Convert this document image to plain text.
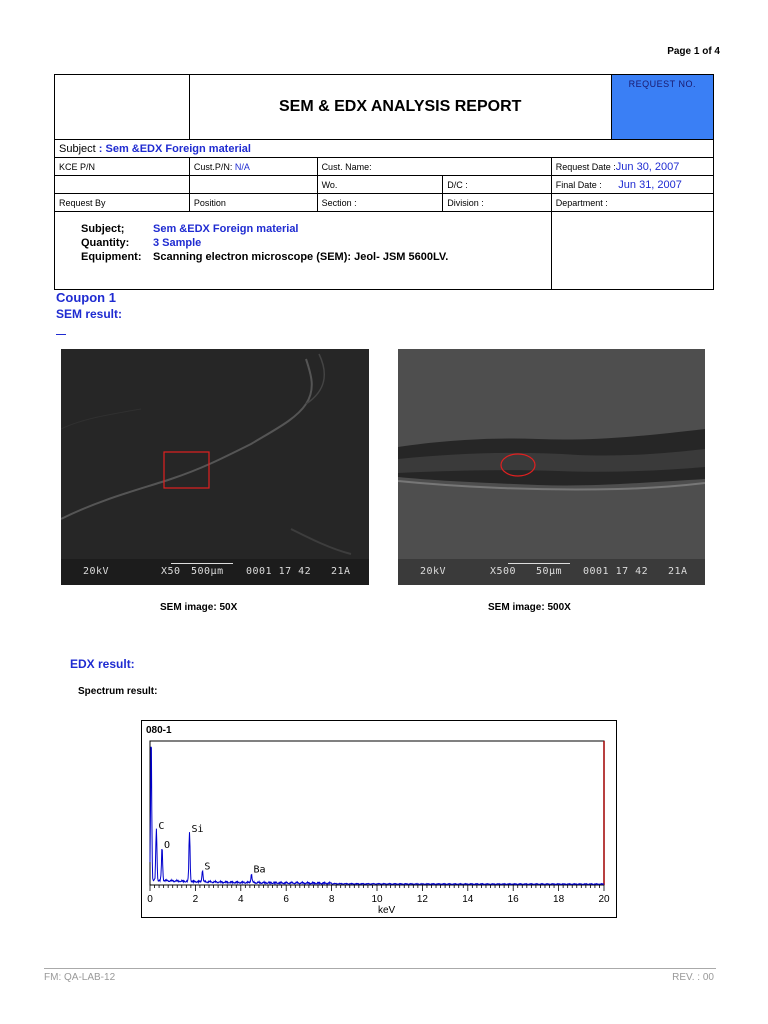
Page 1 of 4
	SEM & EDX ANALYSIS REPORT				REQUEST NO.
Subject : Sem &EDX Foreign material					
KCE P/N	Cust.P/N: N/A	Cust. Name:		Request Date :Jun 30, 2007	
		Wo.	D/C :	Final Date : Jun 31, 2007	
Request By	Position	Section :	Division :	Department :	

Subject; Sem &EDX Foreign material
Quantity: 3 Sample
Equipment: Scanning electron microscope (SEM): Jeol- JSM 5600LV.					

Coupon 1
SEM result:
20kV	X50 500µm 0001 17 42 21A	20kV	X500 50µm 0001 17 42 21A
SEM image: 50X	SEM image: 500X
EDX result:
Spectrum result:
080-1
0	2	4	6	8	10	12	14	16	18	20
C
O
Si
S	Ba
keV
FM: QA-LAB-12	REV. : 00
